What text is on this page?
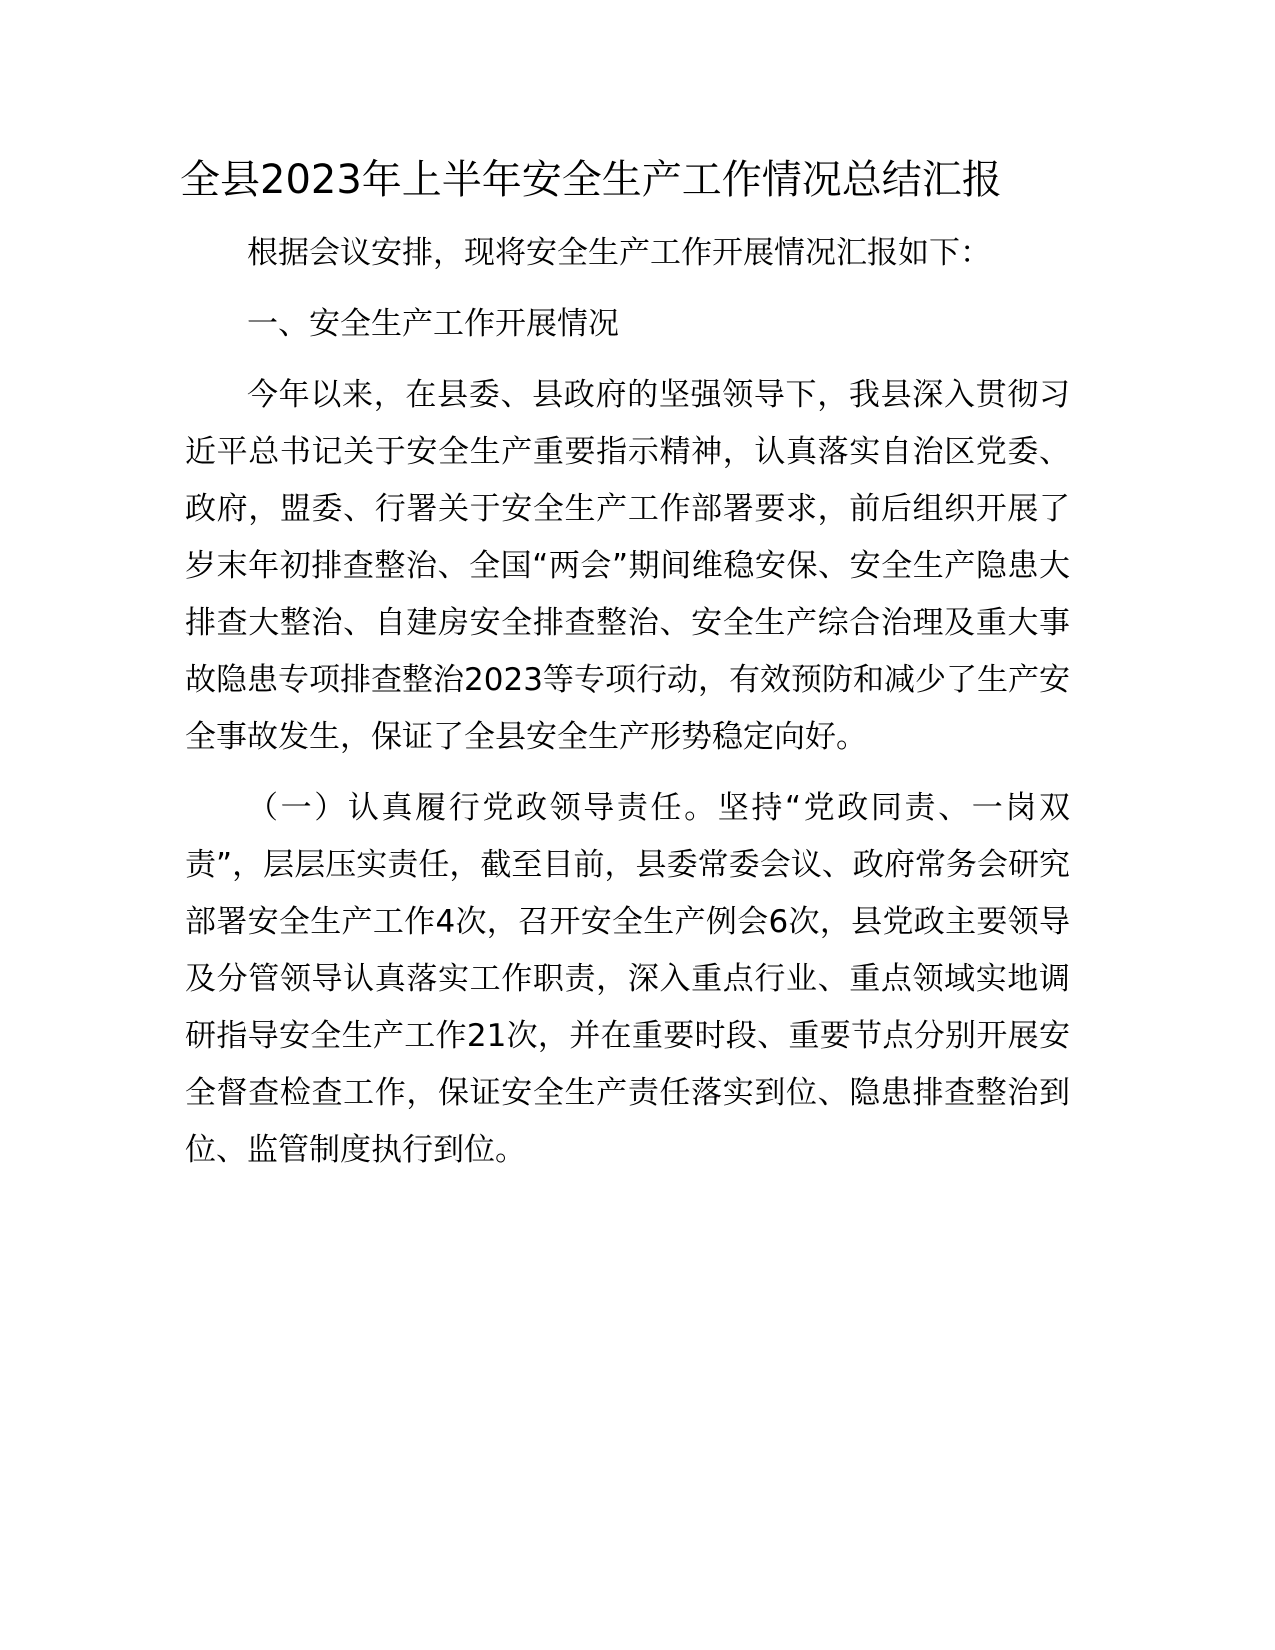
全县2023年上半年安全生产工作情况总结汇报

根据会议安排，现将安全生产工作开展情况汇报如下：

一、安全生产工作开展情况

今年以来，在县委、县政府的坚强领导下，我县深入贯彻习近平总书记关于安全生产重要指示精神，认真落实自治区党委、政府，盟委、行署关于安全生产工作部署要求，前后组织开展了岁末年初排查整治、全国“两会”期间维稳安保、安全生产隐患大排查大整治、自建房安全排查整治、安全生产综合治理及重大事故隐患专项排查整治2023等专项行动，有效预防和减少了生产安全事故发生，保证了全县安全生产形势稳定向好。

（一）认真履行党政领导责任。坚持“党政同责、一岗双责”，层层压实责任，截至目前，县委常委会议、政府常务会研究部署安全生产工作4次，召开安全生产例会6次，县党政主要领导及分管领导认真落实工作职责，深入重点行业、重点领域实地调研指导安全生产工作21次，并在重要时段、重要节点分别开展安全督查检查工作，保证安全生产责任落实到位、隐患排查整治到位、监管制度执行到位。
